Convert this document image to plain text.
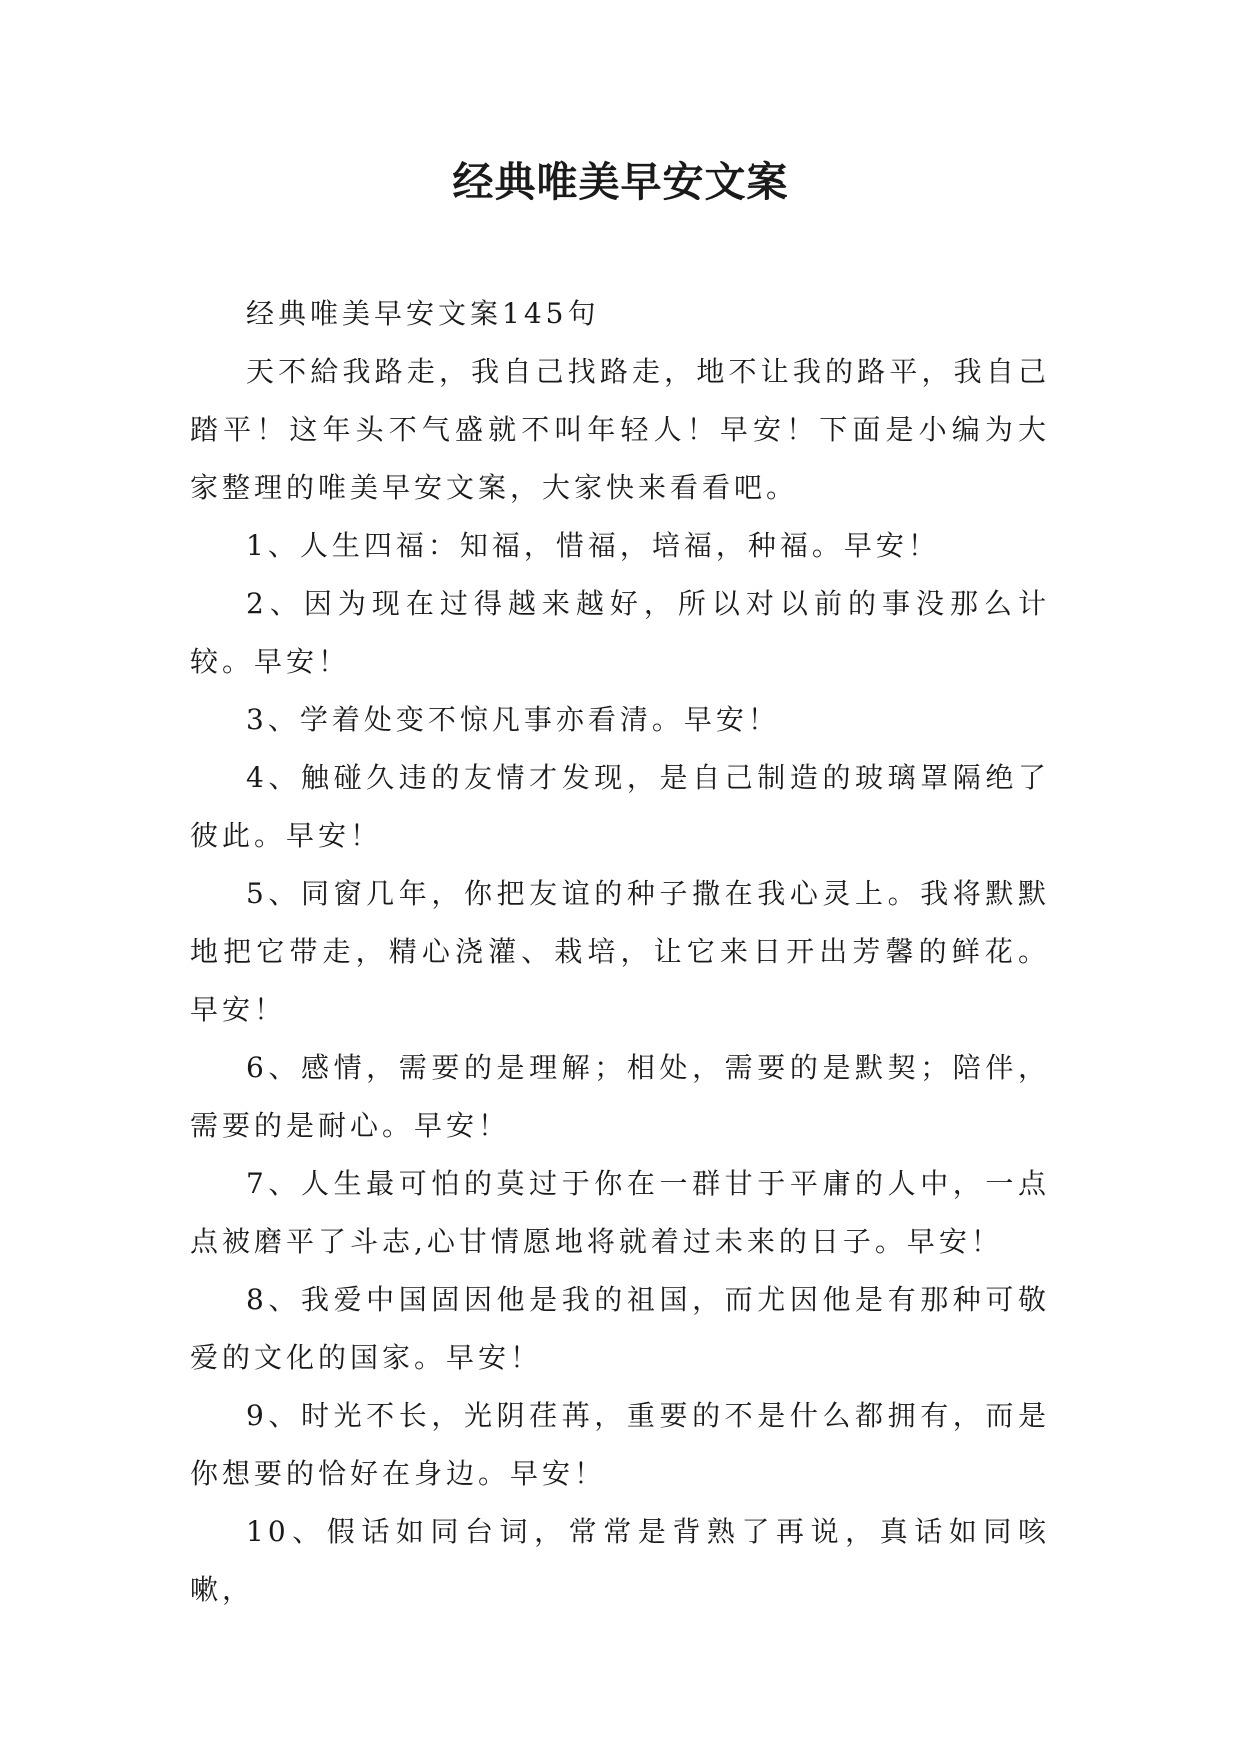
经典唯美早安文案

经典唯美早安文案145句

天不給我路走，我自己找路走，地不让我的路平，我自己踏平！这年头不气盛就不叫年轻人！早安！下面是小编为大家整理的唯美早安文案，大家快来看看吧。

1、人生四福：知福，惜福，培福，种福。早安！

2、因为现在过得越来越好，所以对以前的事没那么计较。早安！

3、学着处变不惊凡事亦看清。早安！

4、触碰久违的友情才发现，是自己制造的玻璃罩隔绝了彼此。早安！

5、同窗几年，你把友谊的种子撒在我心灵上。我将默默地把它带走，精心浇灌、栽培，让它来日开出芳馨的鲜花。早安！

6、感情，需要的是理解；相处，需要的是默契；陪伴，需要的是耐心。早安！

7、人生最可怕的莫过于你在一群甘于平庸的人中，一点点被磨平了斗志,心甘情愿地将就着过未来的日子。早安！

8、我爱中国固因他是我的祖国，而尤因他是有那种可敬爱的文化的国家。早安！

9、时光不长，光阴荏苒，重要的不是什么都拥有，而是你想要的恰好在身边。早安！

10、假话如同台词，常常是背熟了再说，真话如同咳嗽，
